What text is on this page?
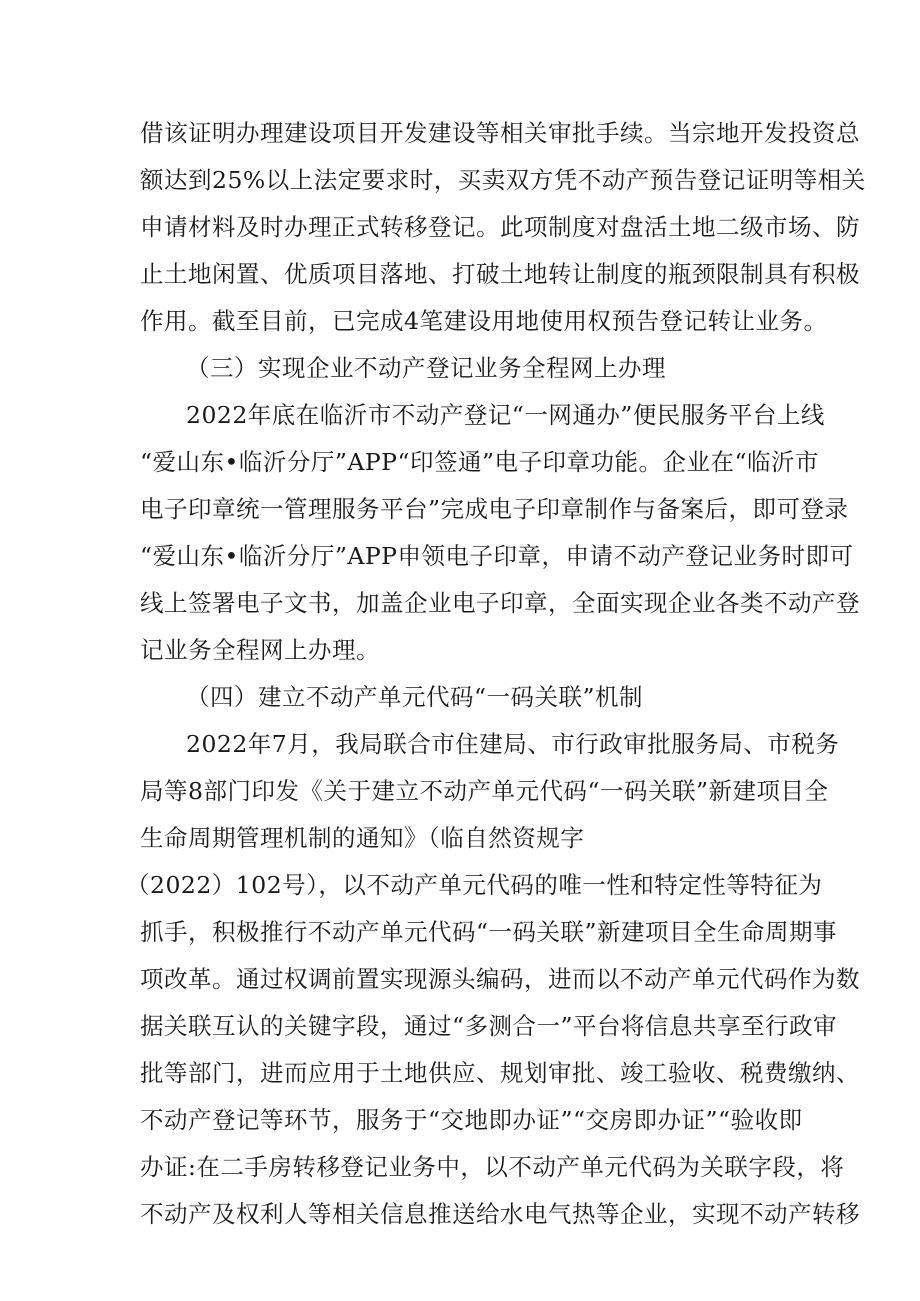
借该证明办理建设项目开发建设等相关审批手续。当宗地开发投资总
额达到25%以上法定要求时，买卖双方凭不动产预告登记证明等相关
申请材料及时办理正式转移登记。此项制度对盘活土地二级市场、防
止土地闲置、优质项目落地、打破土地转让制度的瓶颈限制具有积极
作用。截至目前，已完成4笔建设用地使用权预告登记转让业务。
（三）实现企业不动产登记业务全程网上办理
2022年底在临沂市不动产登记“一网通办”便民服务平台上线
“爱山东•临沂分厅”APP“印签通”电子印章功能。企业在“临沂市
电子印章统一管理服务平台”完成电子印章制作与备案后，即可登录
“爱山东•临沂分厅”APP申领电子印章，申请不动产登记业务时即可
线上签署电子文书，加盖企业电子印章，全面实现企业各类不动产登
记业务全程网上办理。
（四）建立不动产单元代码“一码关联”机制
2022年7月，我局联合市住建局、市行政审批服务局、市税务
局等8部门印发《关于建立不动产单元代码“一码关联”新建项目全
生命周期管理机制的通知》（临自然资规字
（2022）102号），以不动产单元代码的唯一性和特定性等特征为
抓手，积极推行不动产单元代码“一码关联”新建项目全生命周期事
项改革。通过权调前置实现源头编码，进而以不动产单元代码作为数
据关联互认的关键字段，通过“多测合一”平台将信息共享至行政审
批等部门，进而应用于土地供应、规划审批、竣工验收、税费缴纳、
不动产登记等环节，服务于“交地即办证”“交房即办证”“验收即
办证:在二手房转移登记业务中，以不动产单元代码为关联字段，将
不动产及权利人等相关信息推送给水电气热等企业，实现不动产转移
